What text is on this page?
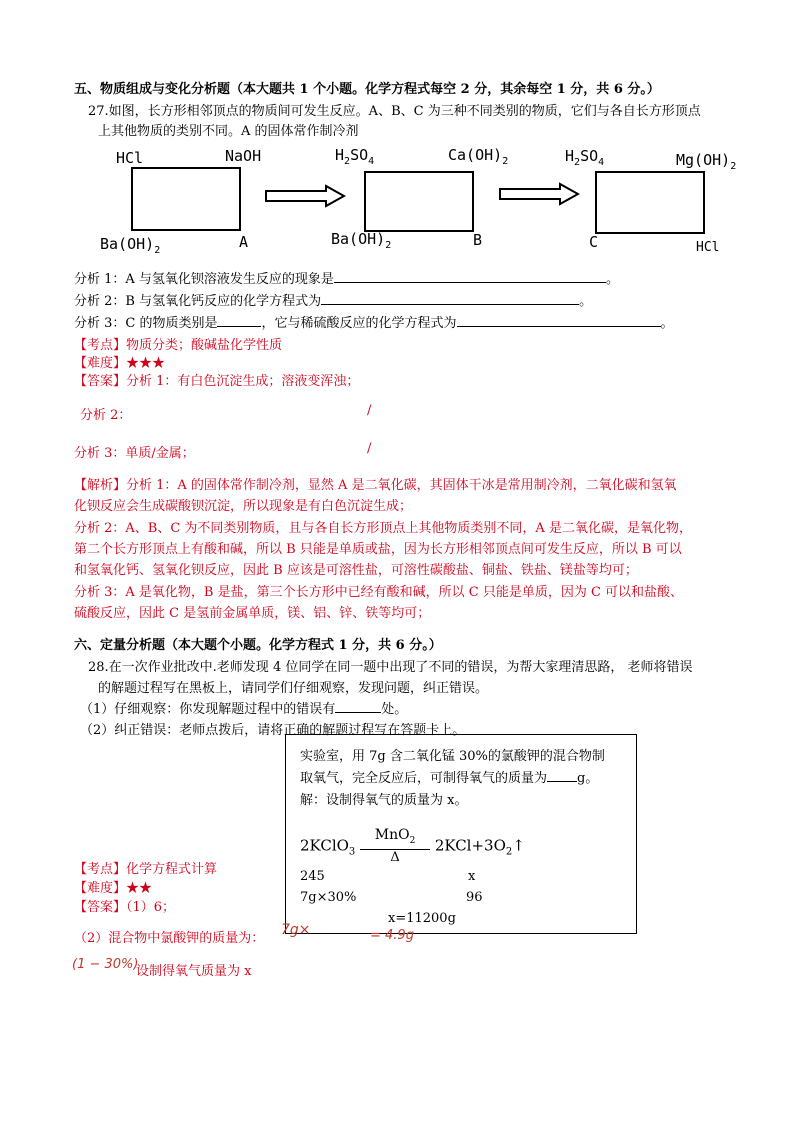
五、物质组成与变化分析题（本大题共 1 个小题。化学方程式每空 2 分，其余每空 1 分，共 6 分。）
27.如图，长方形相邻顶点的物质间可发生反应。A、B、C 为三种不同类别的物质，它们与各自长方形顶点
上其他物质的类别不同。A 的固体常作制冷剂
HCl	NaOH
$Ba(OH)_2$	A
$H_2SO_4$	$Ca(OH)_2$
$Ba(OH)_2$	B
$H_2SO_4$	$Mg(OH)_2$
C	HCl
分析 1：A 与氢氧化钡溶液发生反应的现象是	。
分析 2：B 与氢氧化钙反应的化学方程式为	。
分析 3：C 的物质类别是	，它与稀硫酸反应的化学方程式为	。
【考点】物质分类；酸碱盐化学性质
【难度】★★★
【答案】分析 1：有白色沉淀生成；溶液变浑浊；
分析 2：	/
分析 3：单质/金属；	/
【解析】分析 1：A 的固体常作制冷剂，显然 A 是二氧化碳，其固体干冰是常用制冷剂，二氧化碳和氢氧
化钡反应会生成碳酸钡沉淀，所以现象是有白色沉淀生成；
分析 2：A、B、C 为不同类别物质，且与各自长方形顶点上其他物质类别不同，A 是二氧化碳，是氧化物，
第二个长方形顶点上有酸和碱，所以 B 只能是单质或盐，因为长方形相邻顶点间可发生反应，所以 B 可以
和氢氧化钙、氢氧化钡反应，因此 B 应该是可溶性盐，可溶性碳酸盐、铜盐、铁盐、镁盐等均可；
分析 3：A 是氧化物，B 是盐，第三个长方形中已经有酸和碱，所以 C 只能是单质，因为 C 可以和盐酸、
硫酸反应，因此 C 是氢前金属单质，镁、铝、锌、铁等均可；
六、定量分析题（本大题个小题。化学方程式 1 分，共 6 分。）
28.在一次作业批改中.老师发现 4 位同学在同一题中出现了不同的错误，为帮大家理清思路， 老师将错误
的解题过程写在黑板上，请同学们仔细观察，发现问题，纠正错误。
（1）仔细观察：你发现解题过程中的错误有	处。
（2）纠正错误：老师点拨后，请将正确的解题过程写在答题卡上。
实验室，用 7g 含二氧化锰 30%的氯酸钾的混合物制
取氧气，完全反应后，可制得氧气的质量为 g。
解：设制得氧气的质量为 x。
2KClO$_3$
MnO$_2$
Δ
$2KCl+3O_2↑$
245	x
7g×30%	96
x=11200g
【考点】化学方程式计算
【难度】★★
【答案】（1）6；
（2）混合物中氯酸钾的质量为：
7g×	= 4.9g
(1 − 30%)
设制得氧气质量为 x
